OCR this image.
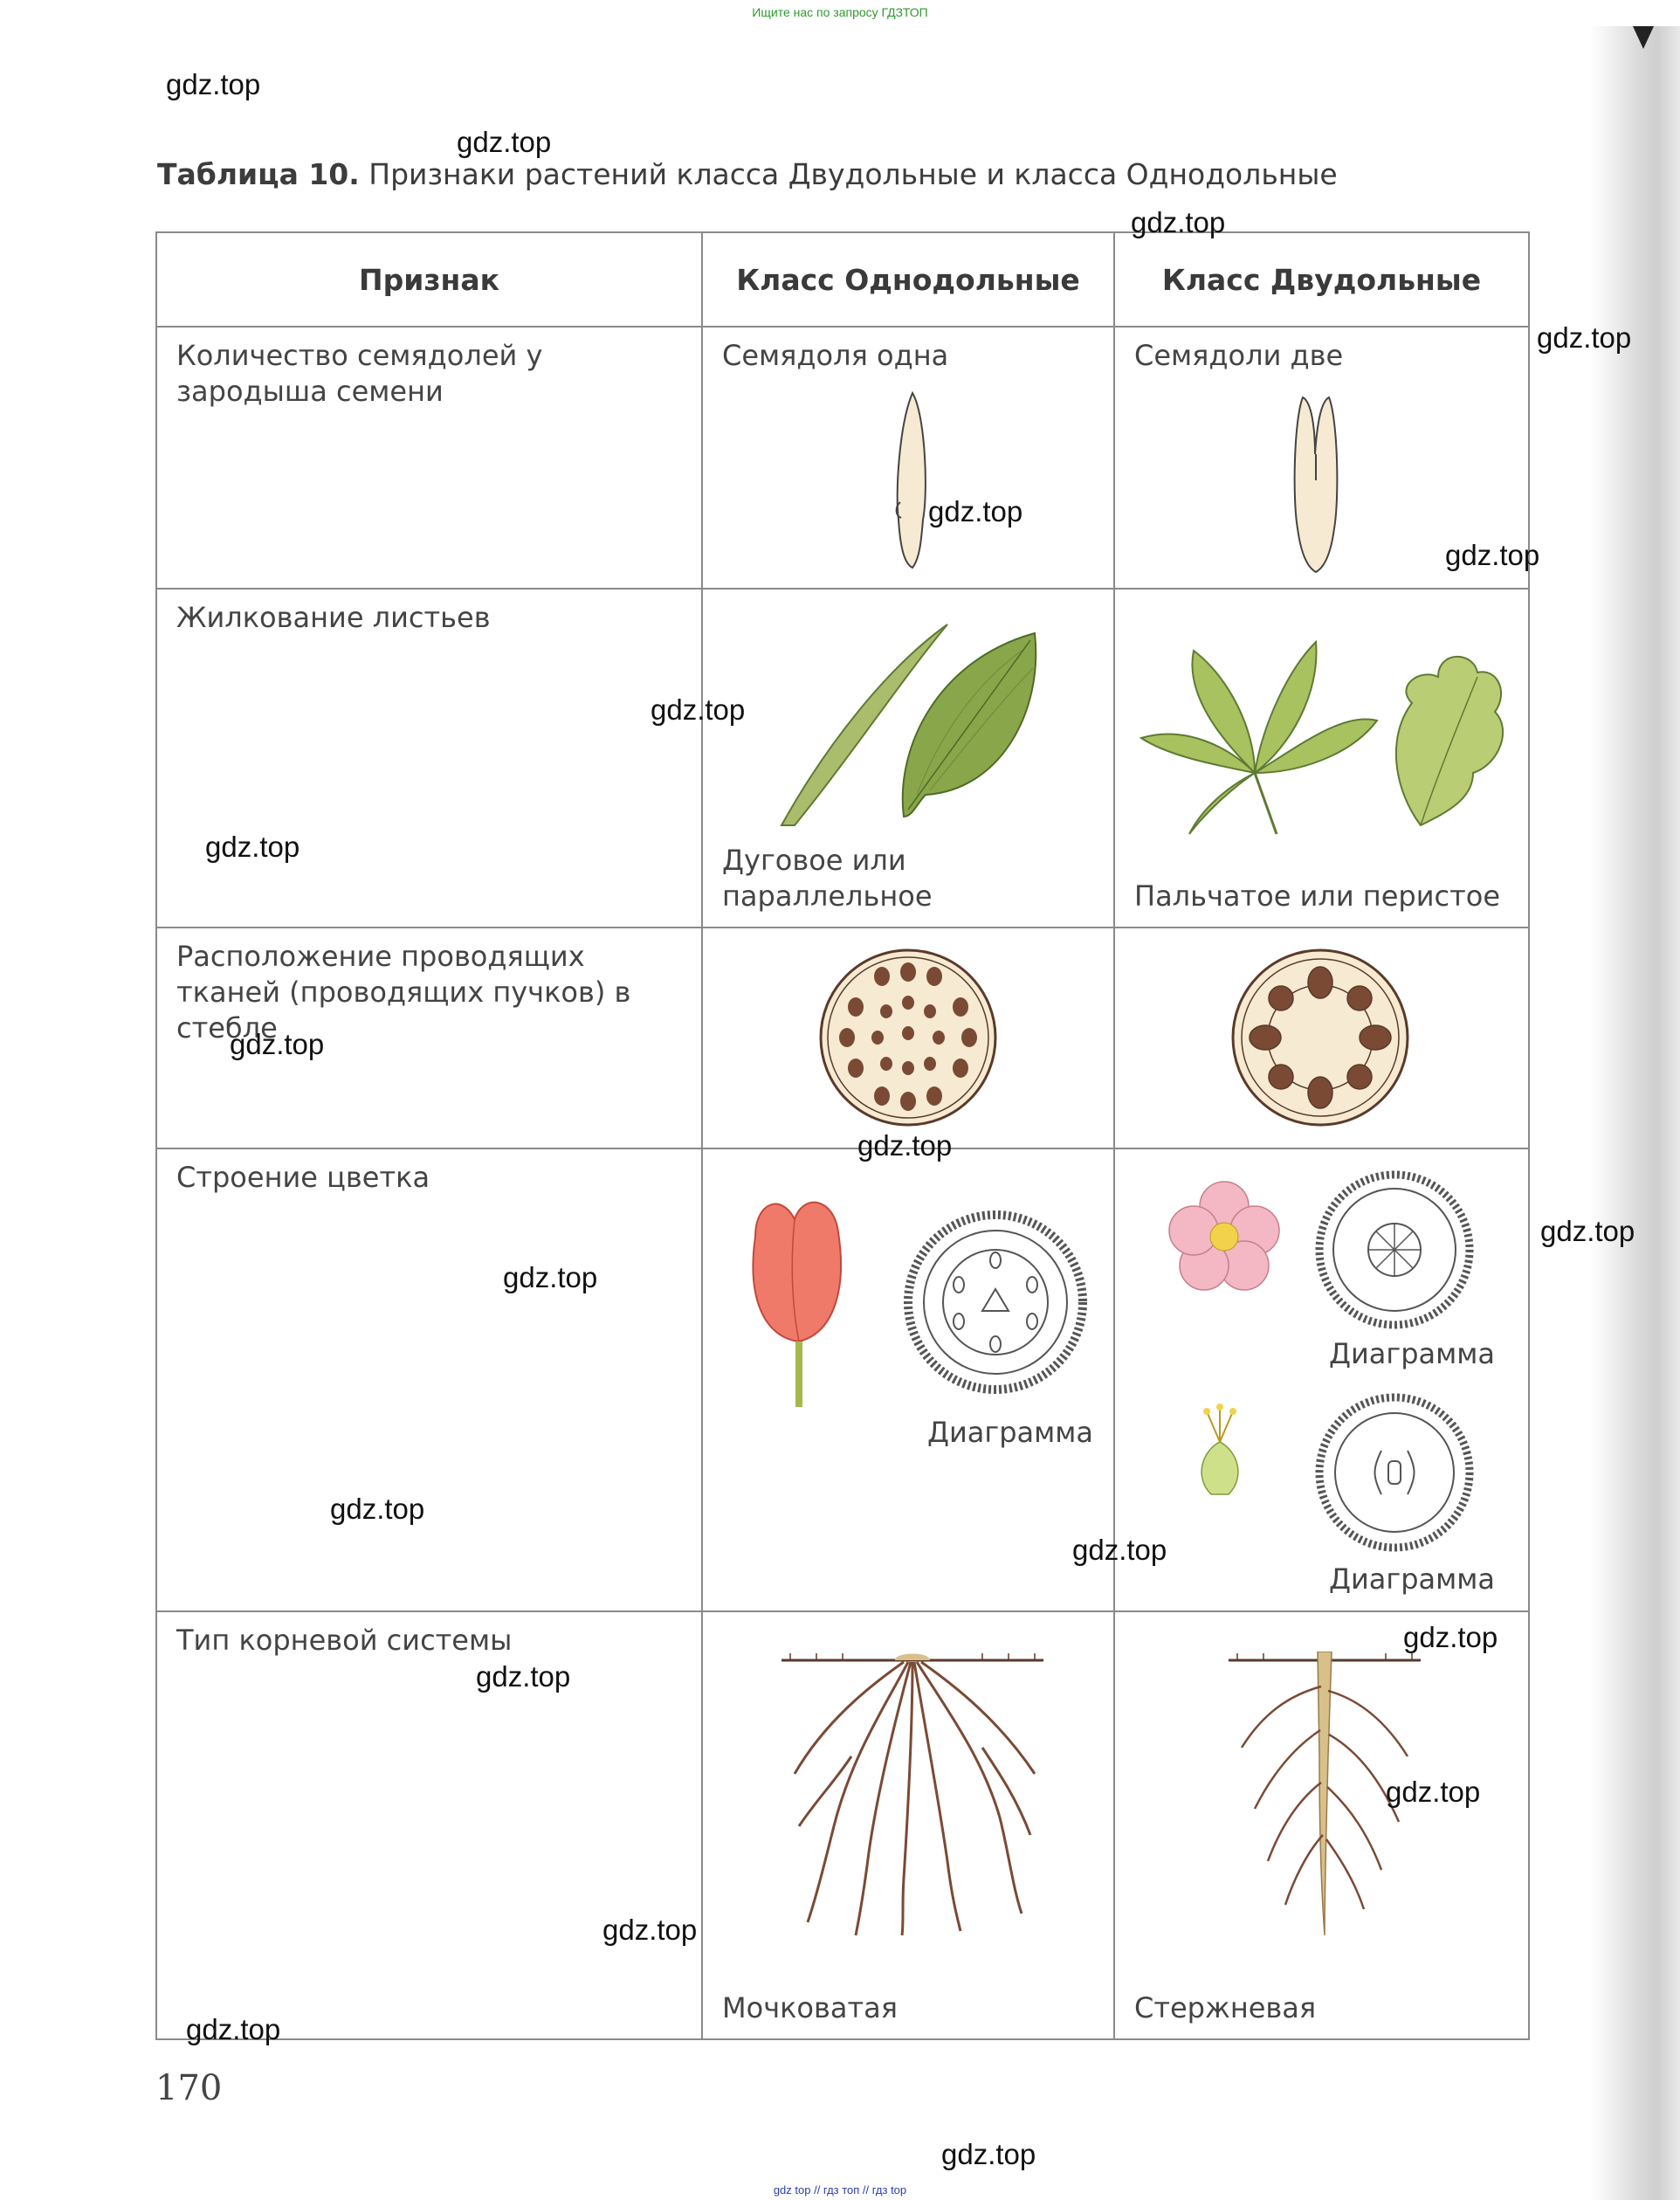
Ищите нас по запросу ГДЗТОП
Таблица 10. Признаки растений класса Двудольные и класса Однодольные
Признак	Класс Однодольные	Класс Двудольные

Количество семядолей у зародыша семени	Семядоля одна	Семядоли две

Жилкование листьев	Дуговое или параллельное	Пальчатое или перистое

Расположение проводящих тканей (проводящих пучков) в стебле

Строение цветка	Диаграмма	Диаграмма
Диаграмма

Тип корневой системы	Мочковатая	Стержневая
170
gdz.top
gdz.top
gdz.top
gdz.top
gdz.top
gdz.top
gdz.top
gdz.top
gdz.top
gdz.top
gdz.top
gdz.top
gdz.top
gdz.top
gdz.top
gdz.top
gdz.top
gdz.top
gdz.top
gdz.top
gdz top // гдз топ // гдз top
